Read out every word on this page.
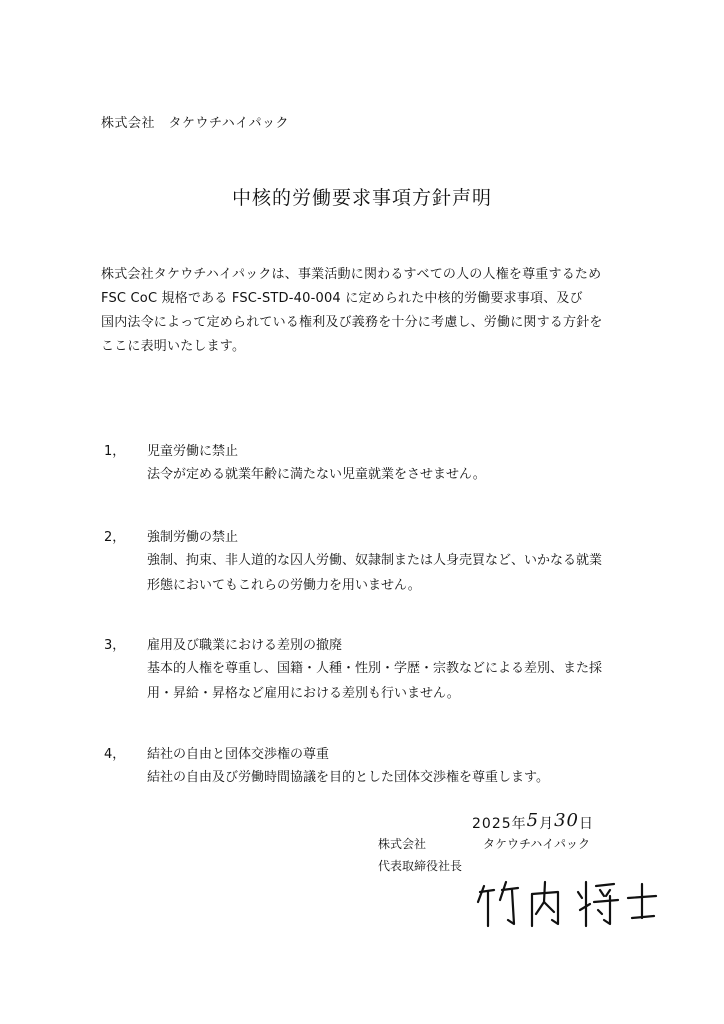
株式会社　タケウチハイパック
中核的労働要求事項方針声明
株式会社タケウチハイパックは、事業活動に関わるすべての人の人権を尊重するため
FSC CoC 規格である FSC-STD-40-004 に定められた中核的労働要求事項、及び
国内法令によって定められている権利及び義務を十分に考慮し、労働に関する方針を
ここに表明いたします。
1， 児童労働に禁止
法令が定める就業年齢に満たない児童就業をさせません。
2， 強制労働の禁止
強制、拘束、非人道的な囚人労働、奴隷制または人身売買など、いかなる就業
形態においてもこれらの労働力を用いません。
3， 雇用及び職業における差別の撤廃
基本的人権を尊重し、国籍・人種・性別・学歴・宗教などによる差別、また採
用・昇給・昇格など雇用における差別も行いません。
4， 結社の自由と団体交渉権の尊重
結社の自由及び労働時間協議を目的とした団体交渉権を尊重します。
2025年5月30日
株式会社	タケウチハイパック
代表取締役社長
